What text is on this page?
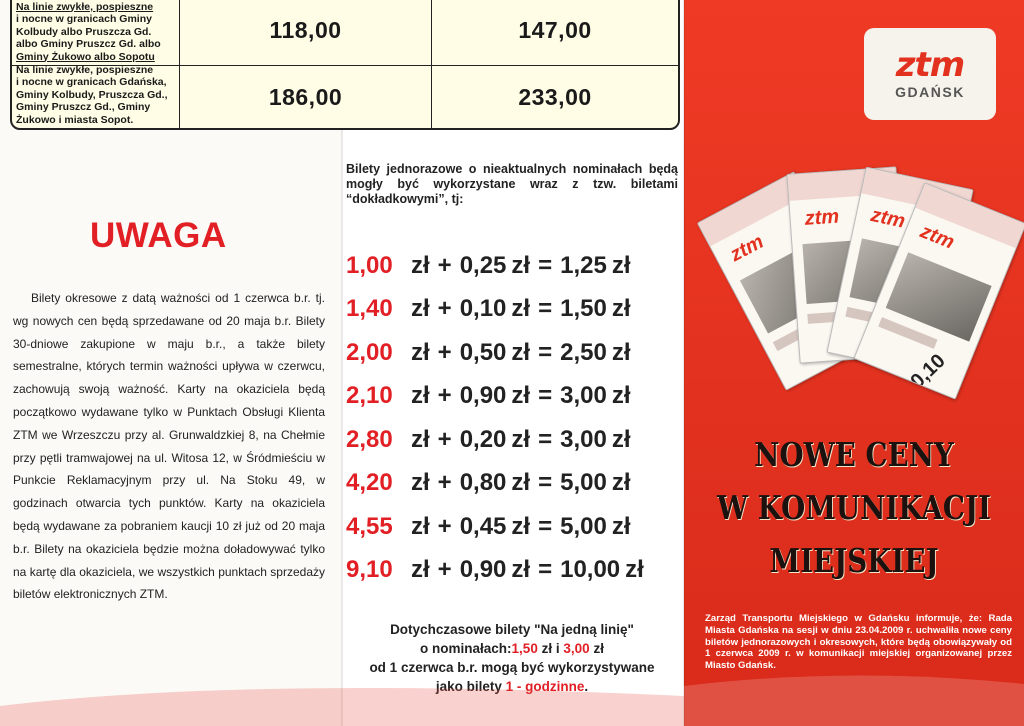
Na linie zwykłe, pospieszne
i nocne w granicach Gminy
Kolbudy albo Pruszcza Gd.
albo Gminy Pruszcz Gd. albo
Gminy Żukowo albo Sopotu
118,00	147,00
Na linie zwykłe, pospieszne
i nocne w granicach Gdańska,
Gminy Kolbudy, Pruszcza Gd.,
Gminy Pruszcz Gd., Gminy
Żukowo i miasta Sopot.
186,00	233,00
UWAGA

Bilety okresowe z datą ważności od 1 czerwca b.r. tj. wg nowych cen będą sprzedawane od 20 maja b.r. Bilety 30-dniowe zakupione w maju b.r., a także bilety semestralne, których termin ważności upływa w czerwcu, zachowują swoją ważność. Karty na okaziciela będą początkowo wydawane tylko w Punktach Obsługi Klienta ZTM we Wrzeszczu przy al. Grunwaldzkiej 8, na Chełmie przy pętli tramwajowej na ul. Witosa 12, w Śródmieściu w Punkcie Reklamacyjnym przy ul. Na Stoku 49, w godzinach otwarcia tych punktów. Karty na okaziciela będą wydawane za pobraniem kaucji 10 zł już od 20 maja b.r. Bilety na okaziciela będzie można doładowywać tylko na kartę dla okaziciela, we wszystkich punktach sprzedaży biletów elektronicznych ZTM.

Bilety jednorazowe o nieaktualnych nominałach będą mogły być wykorzystane wraz z tzw. biletami “dokładkowymi”, tj:

1,00 zł + 0,25 zł = 1,25 zł
1,40 zł + 0,10 zł = 1,50 zł
2,00 zł + 0,50 zł = 2,50 zł
2,10 zł + 0,90 zł = 3,00 zł
2,80 zł + 0,20 zł = 3,00 zł
4,20 zł + 0,80 zł = 5,00 zł
4,55 zł + 0,45 zł = 5,00 zł
9,10 zł + 0,90 zł = 10,00 zł
Dotychczasowe bilety "Na jedną linię"
o nominałach:1,50 zł i 3,00 zł
od 1 czerwca b.r. mogą być wykorzystywane
jako bilety 1 - godzinne.
ztm
GDAŃSK
ztm
ztm ztm
ztm
0,10
NOWE CENY
W KOMUNIKACJI
MIEJSKIEJ

Zarząd Transportu Miejskiego w Gdańsku informuje, że: Rada Miasta Gdańska na sesji w dniu 23.04.2009 r. uchwaliła nowe ceny biletów jednorazowych i okresowych, które będą obowiązywały od 1 czerwca 2009 r. w komunikacji miejskiej organizowanej przez Miasto Gdańsk.
